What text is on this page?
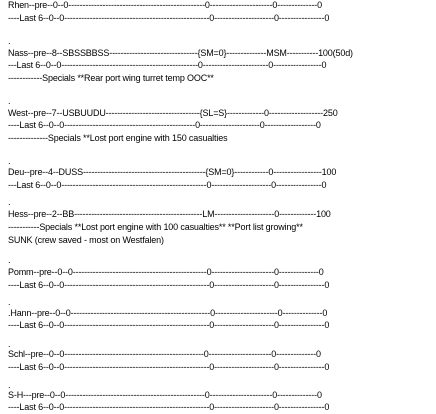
Rhen--pre--0--0------------------------------------------------0----------------------0--------------0
----Last 6--0--0---------------------------------------------------0---------------------0----------------0
.
Nass--pre--8--SBSSBBSS-------------------------------{SM=0}--------------MSM-----------100(50d)
---Last 6--0--0------------------------------------------------0-----------------------0-----------------0
------------Specials **Rear port wing turret temp OOC**
.
West--pre--7--USBUUDU---------------------------------{SL=S}-------------0-------------------250
----Last 6--0--0----------------------------------------------0---------------------0------------------0
--------------Specials **Lost port engine with 150 casualties
.
Deu--pre--4--DUSS-------------------------------------------{SM=0}------------0-----------------100
---Last 6--0--0---------------------------------------------------0---------------------0----------------0
.
Hess--pre--2--BB---------------------------------------------LM---------------------0-------------100
-----------Specials **Lost port engine with 100 casualties** **Port list growing**
SUNK (crew saved - most on Westfalen)
.
Pomm--pre--0--0-----------------------------------------------0----------------------0--------------0
----Last 6--0--0---------------------------------------------------0---------------------0----------------0
.
.Hann--pre--0--0-------------------------------------------------0----------------------0--------------0
----Last 6--0--0---------------------------------------------------0---------------------0----------------0
.
Schl--pre--0--0-------------------------------------------------0----------------------0--------------0
----Last 6--0--0---------------------------------------------------0---------------------0----------------0
.
S-H---pre--0--0-------------------------------------------------0----------------------0--------------0
----Last 6--0--0---------------------------------------------------0---------------------0----------------0
